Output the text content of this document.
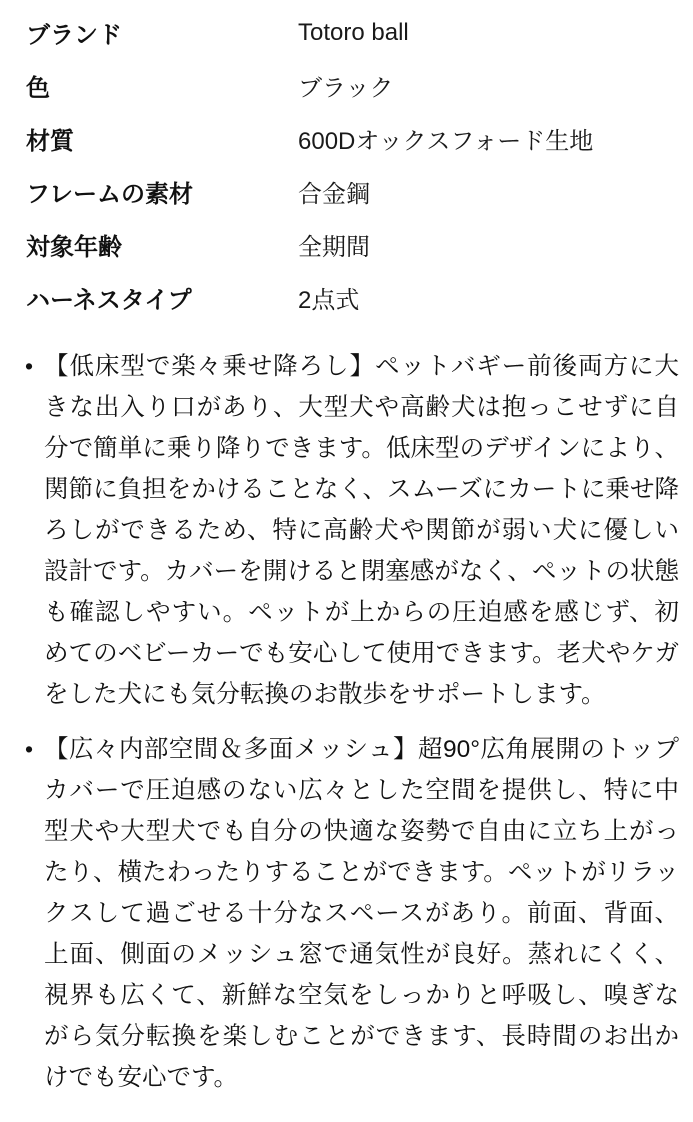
ブランド	Totoro ball
色	ブラック
材質	600Dオックスフォード生地
フレームの素材	合金鋼
対象年齢	全期間
ハーネスタイプ	2点式
• 【低床型で楽々乗せ降ろし】ペットバギー前後両方に大きな出入り口があり、大型犬や高齢犬は抱っこせずに自分で簡単に乗り降りできます。低床型のデザインにより、関節に負担をかけることなく、スムーズにカートに乗せ降ろしができるため、特に高齢犬や関節が弱い犬に優しい設計です。カバーを開けると閉塞感がなく、ペットの状態も確認しやすい。ペットが上からの圧迫感を感じず、初めてのベビーカーでも安心して使用できます。老犬やケガをした犬にも気分転換のお散歩をサポートします。
• 【広々内部空間＆多面メッシュ】超90°広角展開のトップカバーで圧迫感のない広々とした空間を提供し、特に中型犬や大型犬でも自分の快適な姿勢で自由に立ち上がったり、横たわったりすることができます。ペットがリラックスして過ごせる十分なスペースがあり。前面、背面、上面、側面のメッシュ窓で通気性が良好。蒸れにくく、視界も広くて、新鮮な空気をしっかりと呼吸し、嗅ぎながら気分転換を楽しむことができます、長時間のお出かけでも安心です。
